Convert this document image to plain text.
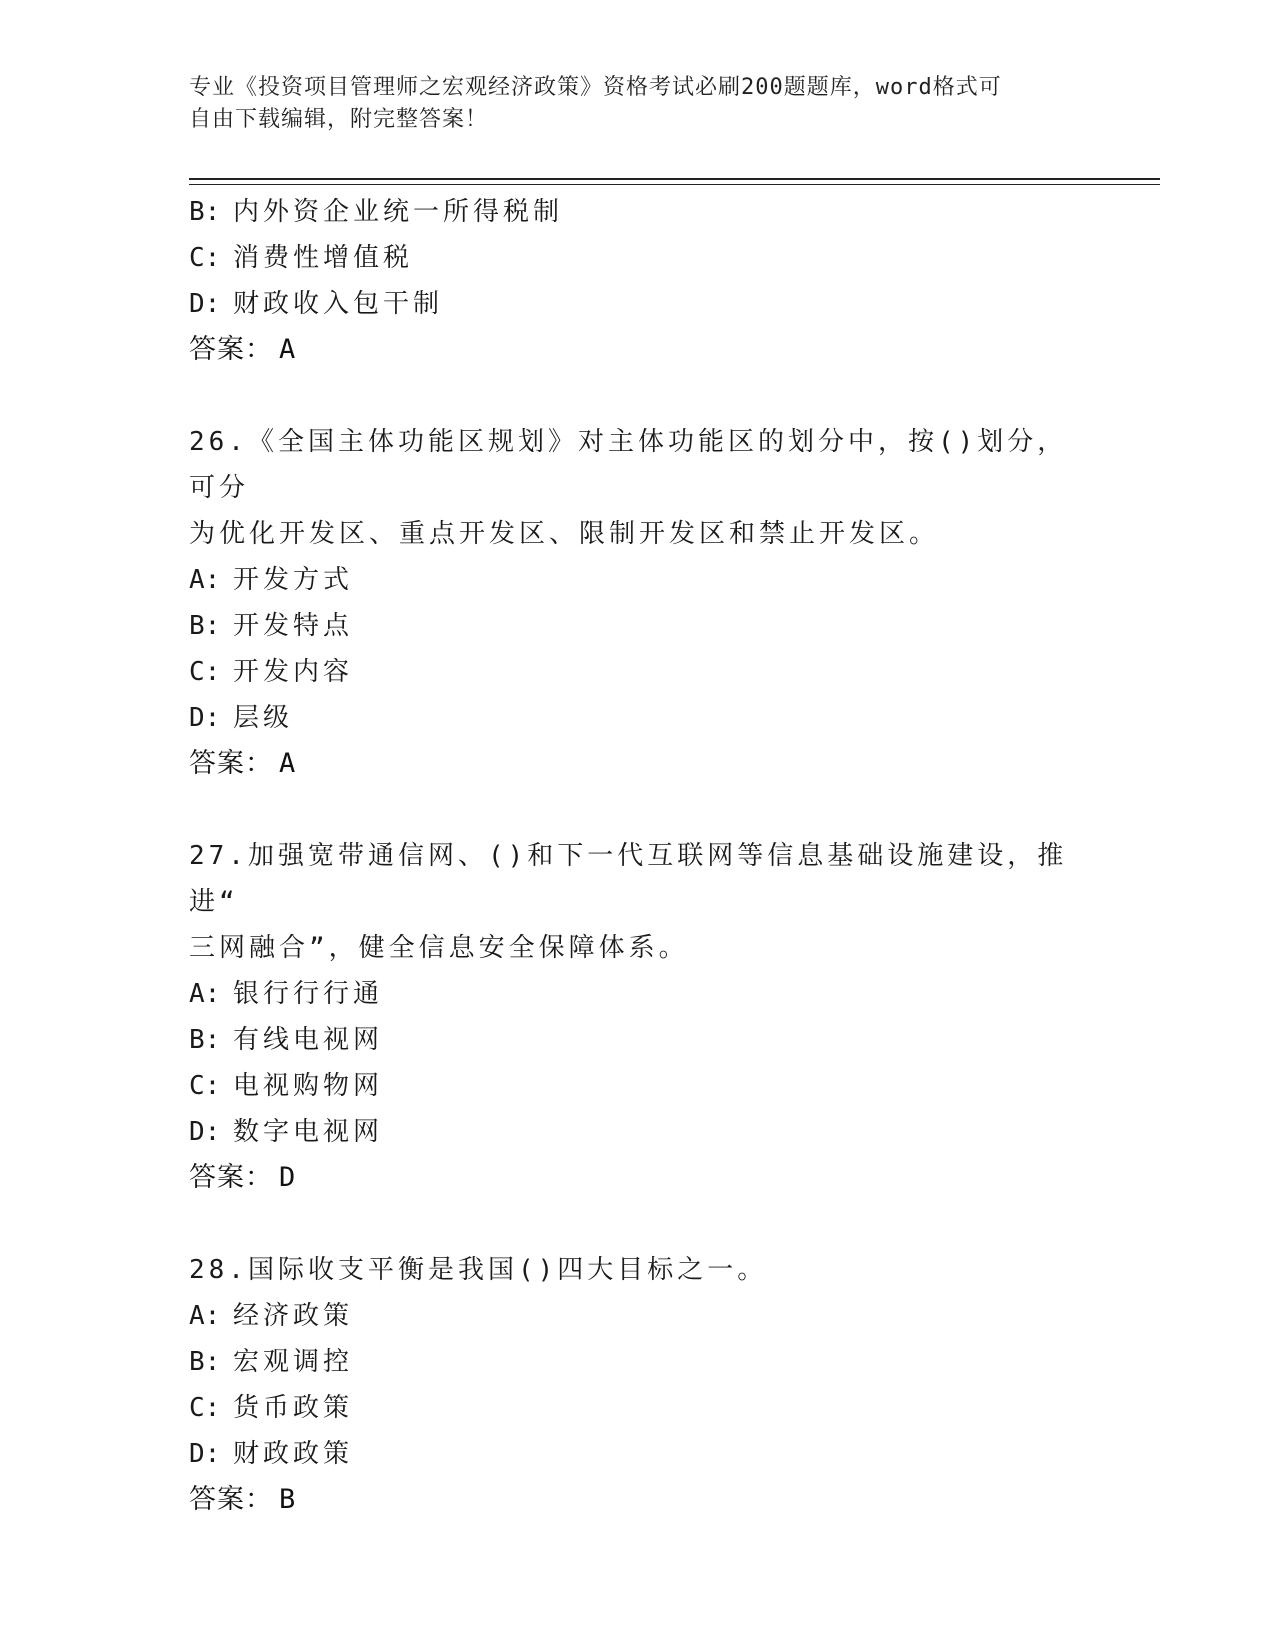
专业《投资项目管理师之宏观经济政策》资格考试必刷200题题库，word格式可
自由下载编辑，附完整答案！
B: 内外资企业统一所得税制
C: 消费性增值税
D: 财政收入包干制
答案： A
26.《全国主体功能区规划》对主体功能区的划分中，按()划分，可分
为优化开发区、重点开发区、限制开发区和禁止开发区。
A: 开发方式
B: 开发特点
C: 开发内容
D: 层级
答案： A
27.加强宽带通信网、()和下一代互联网等信息基础设施建设，推进“
三网融合”，健全信息安全保障体系。
A: 银行行行通
B: 有线电视网
C: 电视购物网
D: 数字电视网
答案： D
28.国际收支平衡是我国()四大目标之一。
A: 经济政策
B: 宏观调控
C: 货币政策
D: 财政政策
答案： B
